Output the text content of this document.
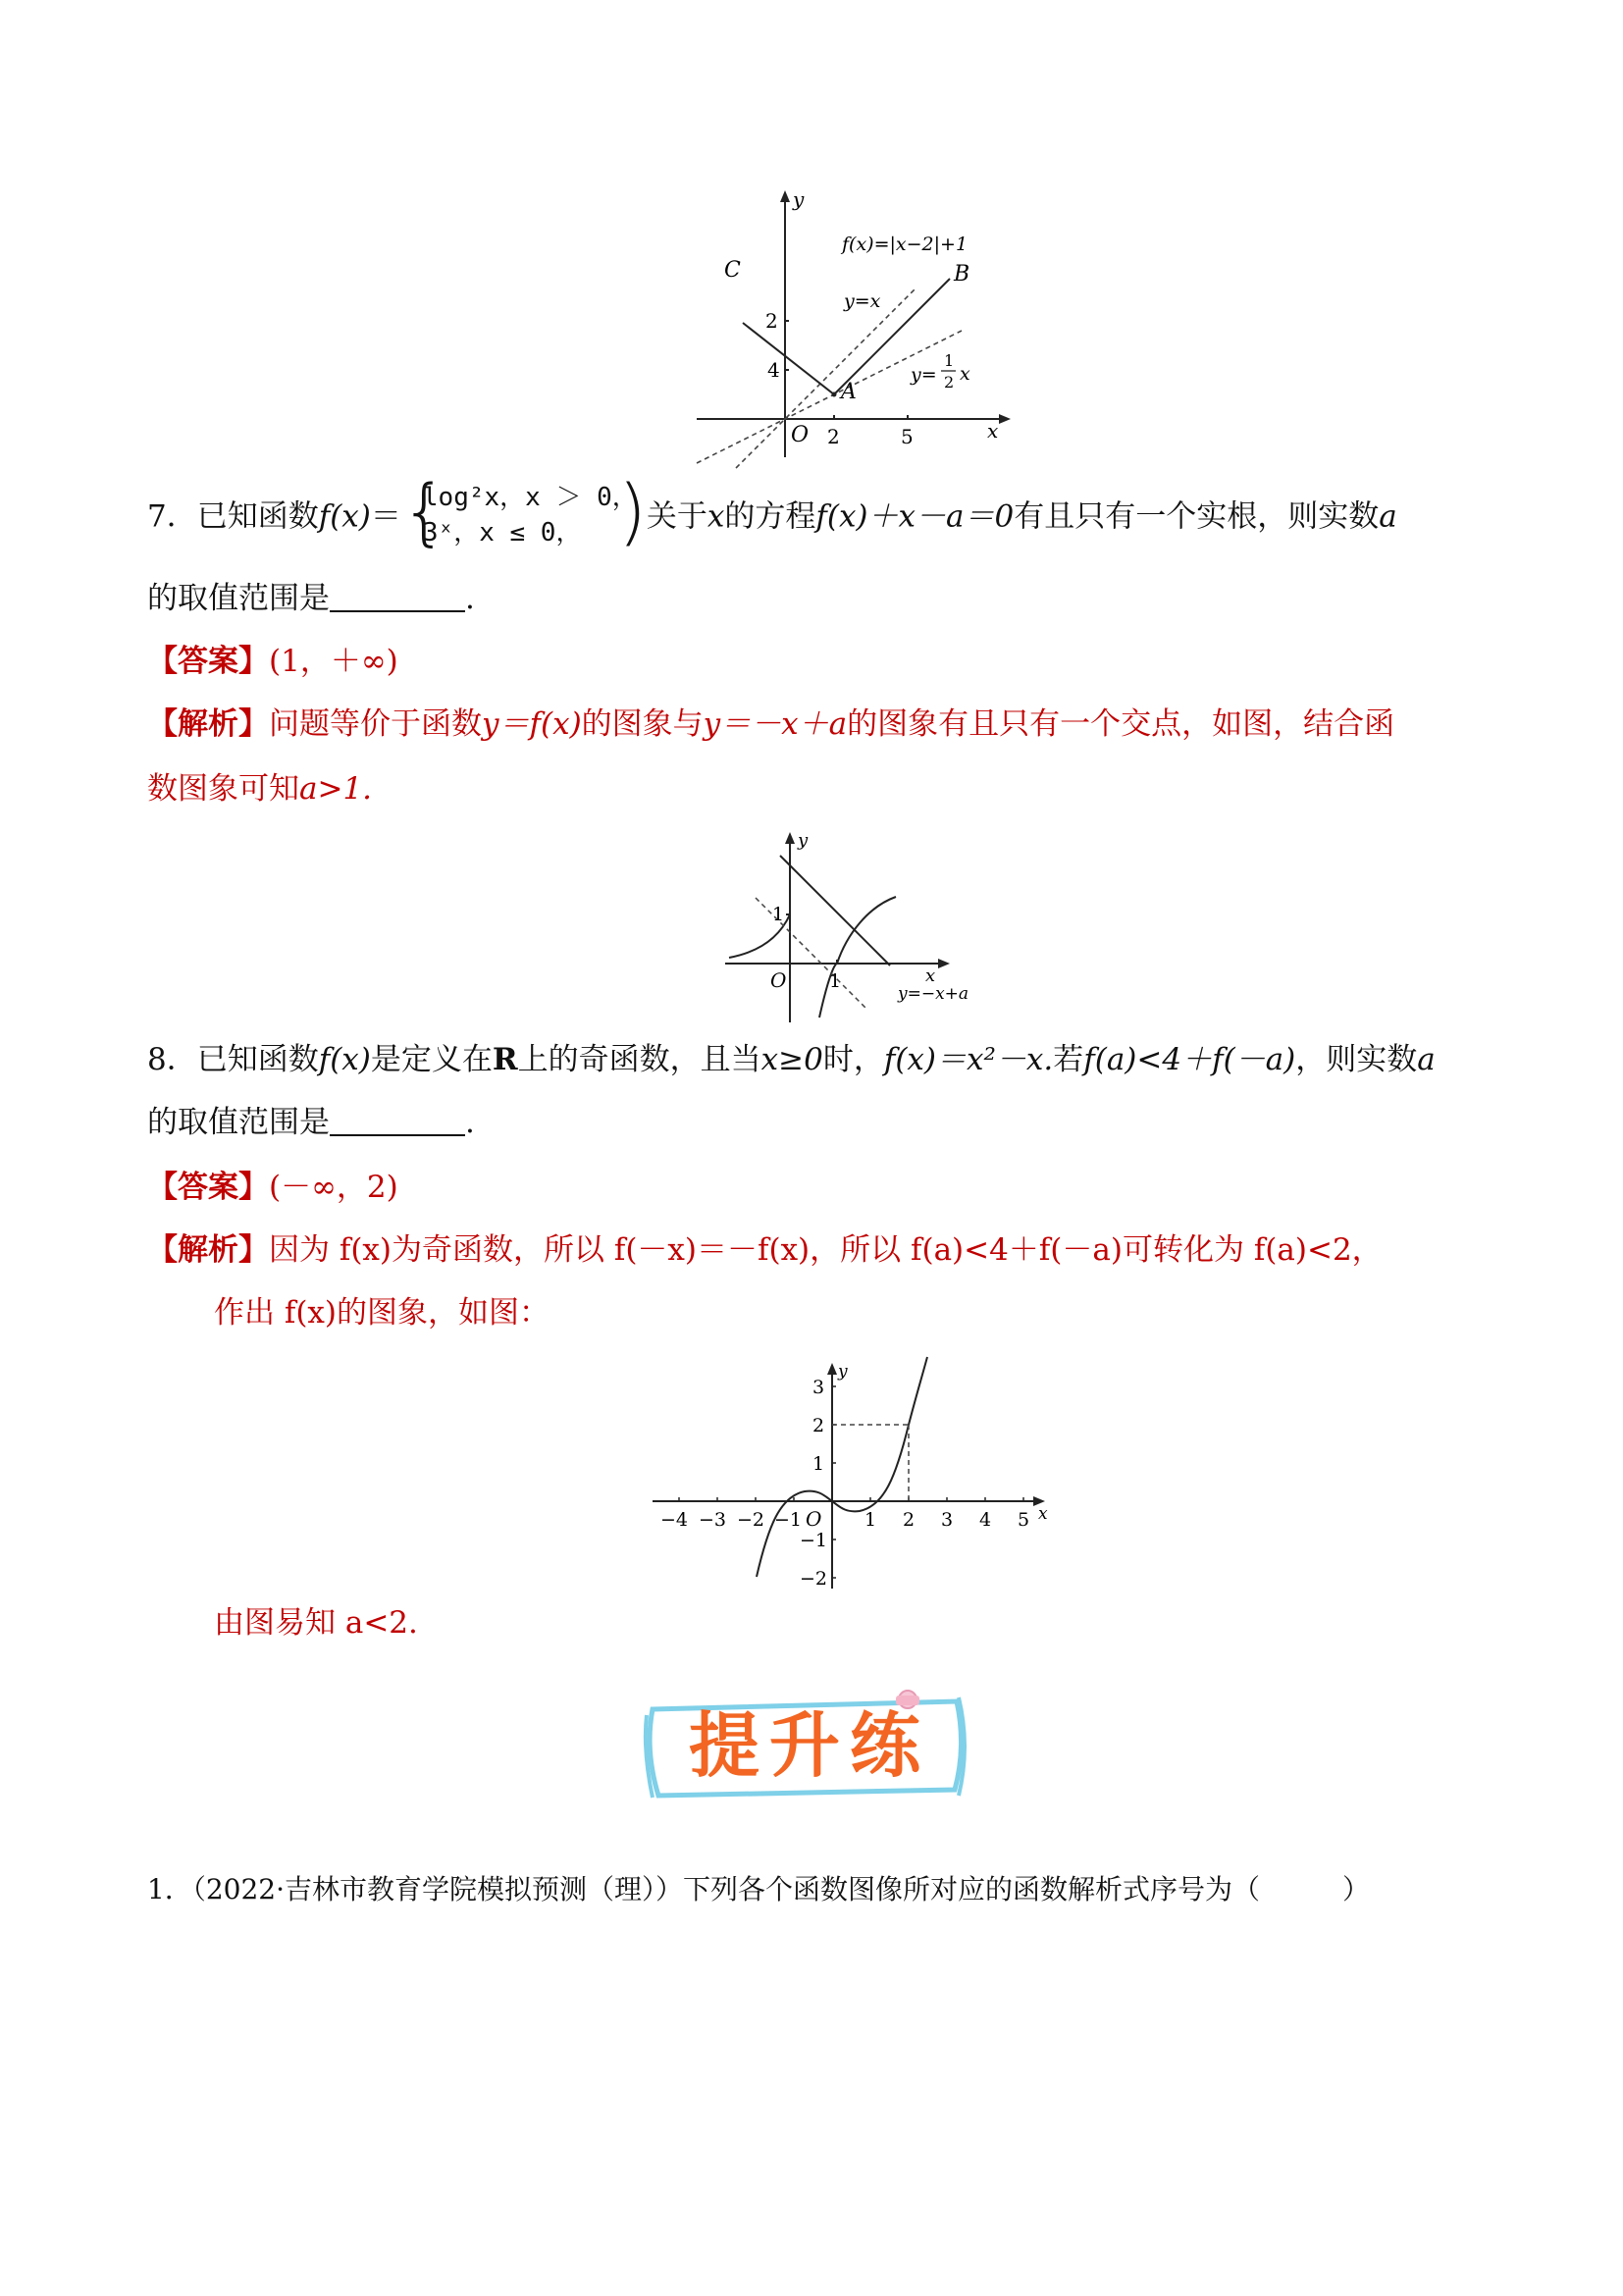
y
x
O 2	5
2
4
C	B
A
f(x)=|x−2|+1
y=x
y=
1
2 x
7．已知函数f(x)＝ {
log²x，x ＞ 0，
3ˣ，x ≤ 0， ) 关于x的方程f(x)＋x－a＝0有且只有一个实根，则实数a
的取值范围是	.
【答案】(1，＋∞)
【解析】问题等价于函数y＝f(x)的图象与y＝－x＋a的图象有且只有一个交点，如图，结合函
数图象可知a>1.
y
x
O
1
1
y=−x+a
8．已知函数f(x)是定义在R上的奇函数，且当x≥0时，f(x)＝x²－x.若f(a)<4＋f(－a)，则实数a
的取值范围是	.
【答案】(－∞，2)
【解析】因为 f(x)为奇函数，所以 f(－x)＝－f(x)，所以 f(a)<4＋f(－a)可转化为 f(a)<2，
作出 f(x)的图象，如图：
y
x
O
−4 −3 −2 −1	1 2 3 4 5
3
2
1
−1
−2
由图易知 a<2.
提升练
1．（2022·吉林市教育学院模拟预测（理））下列各个函数图像所对应的函数解析式序号为（　　　）
